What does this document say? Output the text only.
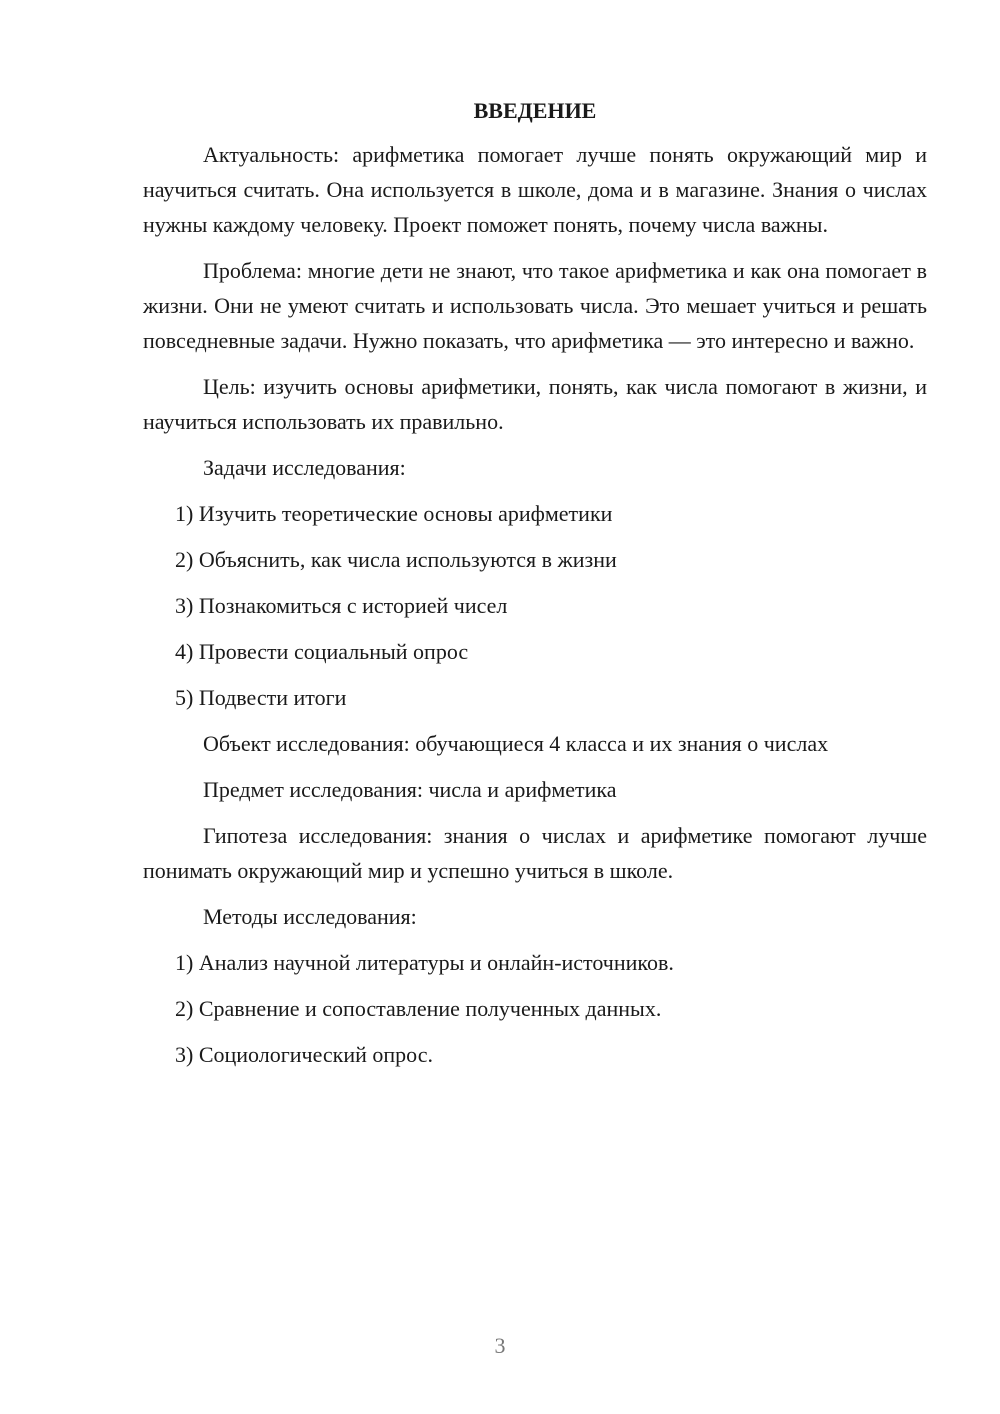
ВВЕДЕНИЕ

Актуальность: арифметика помогает лучше понять окружающий мир и научиться считать. Она используется в школе, дома и в магазине. Знания о числах нужны каждому человеку. Проект поможет понять, почему числа важны.

Проблема: многие дети не знают, что такое арифметика и как она помогает в жизни. Они не умеют считать и использовать числа. Это мешает учиться и решать повседневные задачи. Нужно показать, что арифметика — это интересно и важно.

Цель: изучить основы арифметики, понять, как числа помогают в жизни, и научиться использовать их правильно.

Задачи исследования:

1) Изучить теоретические основы арифметики
2) Объяснить, как числа используются в жизни
3) Познакомиться с историей чисел
4) Провести социальный опрос
5) Подвести итоги

Объект исследования: обучающиеся 4 класса и их знания о числах

Предмет исследования: числа и арифметика

Гипотеза исследования: знания о числах и арифметике помогают лучше понимать окружающий мир и успешно учиться в школе.

Методы исследования:

1) Анализ научной литературы и онлайн-источников.
2) Сравнение и сопоставление полученных данных.
3) Социологический опрос.
3
